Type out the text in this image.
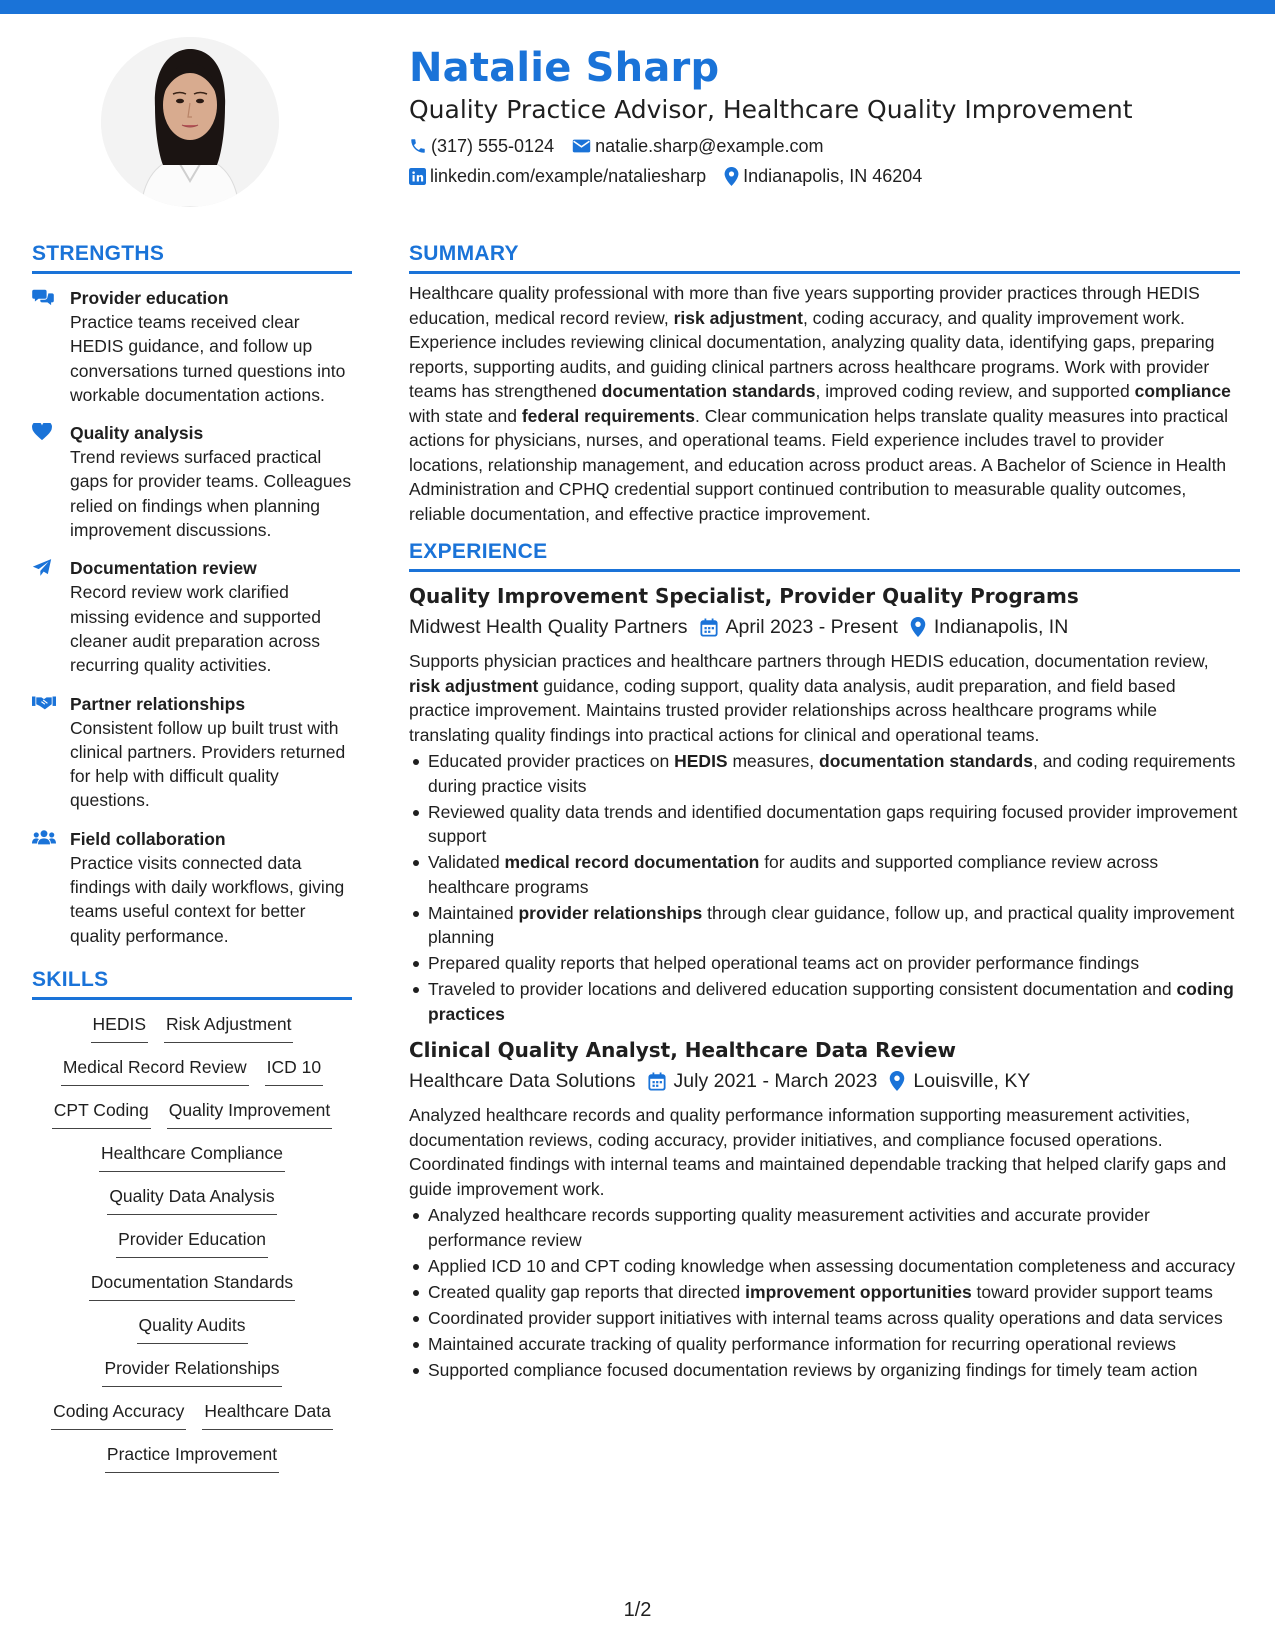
Natalie Sharp
Quality Practice Advisor, Healthcare Quality Improvement
(317) 555-0124 natalie.sharp@example.com
linkedin.com/example/nataliesharp Indianapolis, IN 46204
STRENGTHS
Provider education
Practice teams received clear HEDIS guidance, and follow up conversations turned questions into workable documentation actions.
Quality analysis
Trend reviews surfaced practical gaps for provider teams. Colleagues relied on findings when planning improvement discussions.
Documentation review
Record review work clarified missing evidence and supported cleaner audit preparation across recurring quality activities.
Partner relationships
Consistent follow up built trust with clinical partners. Providers returned for help with difficult quality questions.
Field collaboration
Practice visits connected data findings with daily workflows, giving teams useful context for better quality performance.
SKILLS
HEDIS Risk Adjustment
Medical Record Review ICD 10
CPT Coding Quality Improvement
Healthcare Compliance
Quality Data Analysis
Provider Education
Documentation Standards
Quality Audits
Provider Relationships
Coding Accuracy Healthcare Data
Practice Improvement
SUMMARY

Healthcare quality professional with more than five years supporting provider practices through HEDIS education, medical record review, risk adjustment, coding accuracy, and quality improvement work. Experience includes reviewing clinical documentation, analyzing quality data, identifying gaps, preparing reports, supporting audits, and guiding clinical partners across healthcare programs. Work with provider teams has strengthened documentation standards, improved coding review, and supported compliance with state and federal requirements. Clear communication helps translate quality measures into practical actions for physicians, nurses, and operational teams. Field experience includes travel to provider locations, relationship management, and education across product areas. A Bachelor of Science in Health Administration and CPHQ credential support continued contribution to measurable quality outcomes, reliable documentation, and effective practice improvement.

EXPERIENCE
Quality Improvement Specialist, Provider Quality Programs
Midwest Health Quality Partners April 2023 - Present Indianapolis, IN

Supports physician practices and healthcare partners through HEDIS education, documentation review, risk adjustment guidance, coding support, quality data analysis, audit preparation, and field based practice improvement. Maintains trusted provider relationships across healthcare programs while translating quality findings into practical actions for clinical and operational teams.

Educated provider practices on HEDIS measures, documentation standards, and coding requirements during practice visits
Reviewed quality data trends and identified documentation gaps requiring focused provider improvement support
Validated medical record documentation for audits and supported compliance review across healthcare programs
Maintained provider relationships through clear guidance, follow up, and practical quality improvement planning
Prepared quality reports that helped operational teams act on provider performance findings
Traveled to provider locations and delivered education supporting consistent documentation and coding practices
Clinical Quality Analyst, Healthcare Data Review
Healthcare Data Solutions July 2021 - March 2023 Louisville, KY

Analyzed healthcare records and quality performance information supporting measurement activities, documentation reviews, coding accuracy, provider initiatives, and compliance focused operations. Coordinated findings with internal teams and maintained dependable tracking that helped clarify gaps and guide improvement work.

Analyzed healthcare records supporting quality measurement activities and accurate provider performance review
Applied ICD 10 and CPT coding knowledge when assessing documentation completeness and accuracy
Created quality gap reports that directed improvement opportunities toward provider support teams
Coordinated provider support initiatives with internal teams across quality operations and data services
Maintained accurate tracking of quality performance information for recurring operational reviews
Supported compliance focused documentation reviews by organizing findings for timely team action
1/2
